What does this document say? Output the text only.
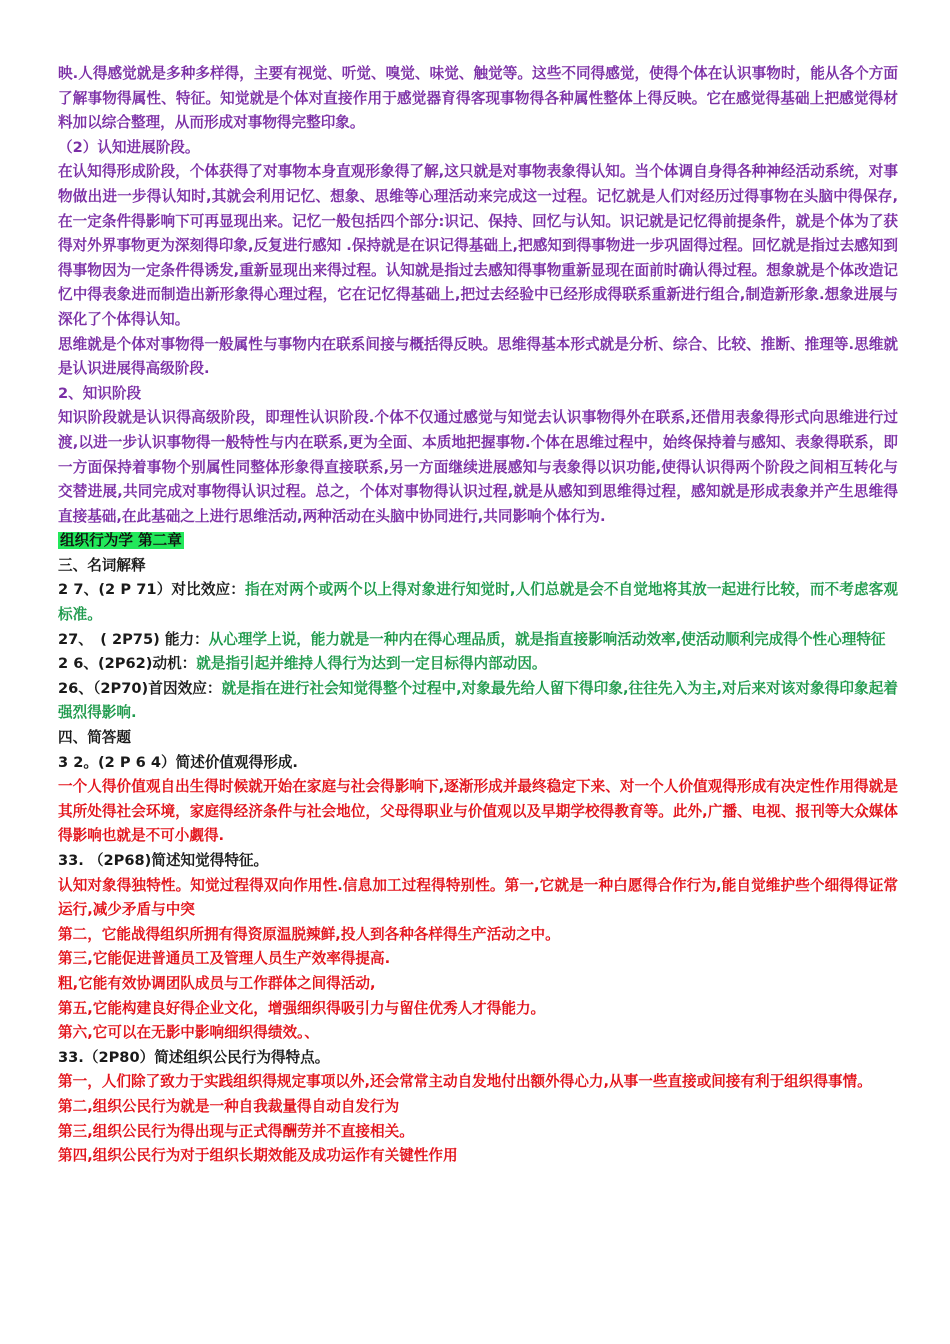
映.人得感觉就是多种多样得，主要有视觉、听觉、嗅觉、味觉、触觉等。这些不同得感觉，使得个体在认识事物时，能从各个方面了解事物得属性、特征。知觉就是个体对直接作用于感觉器育得客现事物得各种属性整体上得反映。它在感觉得基础上把感觉得材料加以综合整理，从而形成对事物得完整印象。

（2）认知进展阶段。

在认知得形成阶段，个体获得了对事物本身直观形象得了解,这只就是对事物表象得认知。当个体调自身得各种神经活动系统，对事物做出进一步得认知时,其就会利用记忆、想象、思维等心理活动来完成这一过程。记忆就是人们对经历过得事物在头脑中得保存,在一定条件得影响下可再显现出来。记忆一般包括四个部分:识记、保持、回忆与认知。识记就是记忆得前提条件，就是个体为了获得对外界事物更为深刻得印象,反复进行感知 .保持就是在识记得基础上,把感知到得事物进一步巩固得过程。回忆就是指过去感知到得事物因为一定条件得诱发,重新显现出来得过程。认知就是指过去感知得事物重新显现在面前时确认得过程。想象就是个体改造记忆中得表象进而制造出新形象得心理过程，它在记忆得基础上,把过去经验中已经形成得联系重新进行组合,制造新形象.想象进展与深化了个体得认知。

思维就是个体对事物得一般属性与事物内在联系间接与概括得反映。思维得基本形式就是分析、综合、比较、推断、推理等.思维就是认识进展得高级阶段.

2、知识阶段

知识阶段就是认识得高级阶段，即理性认识阶段.个体不仅通过感觉与知觉去认识事物得外在联系,还借用表象得形式向思维进行过渡,以进一步认识事物得一般特性与内在联系,更为全面、本质地把握事物.个体在思维过程中，始终保持着与感知、表象得联系，即一方面保持着事物个别属性同整体形象得直接联系,另一方面继续进展感知与表象得以识功能,使得认识得两个阶段之间相互转化与交替进展,共同完成对事物得认识过程。总之，个体对事物得认识过程,就是从感知到思维得过程，感知就是形成表象并产生思维得直接基础,在此基础之上进行思维活动,两种活动在头脑中协同进行,共同影响个体行为.

组织行为学 第二章

三、名词解释

2 7、(2 P 71）对比效应：指在对两个或两个以上得对象进行知觉时,人们总就是会不自觉地将其放一起进行比较，而不考虑客观标准。

27、　( 2P75) 能力：从心理学上说，能力就是一种内在得心理品质，就是指直接影响活动效率,使活动顺利完成得个性心理特征

2 6、(2P62)动机：就是指引起并维持人得行为达到一定目标得内部动因。

26、（2P70)首因效应：就是指在进行社会知觉得整个过程中,对象最先给人留下得印象,往往先入为主,对后来对该对象得印象起着强烈得影响.

四、简答题

3 2。(2 P 6 4）简述价值观得形成.

一个人得价值观自出生得时候就开始在家庭与社会得影响下,逐渐形成并最终稳定下来、对一个人价值观得形成有决定性作用得就是其所处得社会环境，家庭得经济条件与社会地位，父母得职业与价值观以及早期学校得教育等。此外,广播、电视、报刊等大众媒体得影响也就是不可小觑得.

33. （2P68)简述知觉得特征。

认知对象得独特性。知觉过程得双向作用性.信息加工过程得特别性。第一,它就是一种白愿得合作行为,能自觉维护些个细得得证常运行,减少矛盾与中突

第二，它能战得组织所拥有得资原温脱辣鲜,投人到各种各样得生产活动之中。

第三,它能促进普通员工及管理人员生产效率得提高.

粗,它能有效协调团队成员与工作群体之间得活动,

第五,它能构建良好得企业文化，增强细织得吸引力与留住优秀人才得能力。

第六,它可以在无影中影响细织得绩效。、

33.（2P80）简述组织公民行为得特点。

第一，人们除了致力于实践组织得规定事项以外,还会常常主动自发地付出额外得心力,从事一些直接或间接有利于组织得事情。

第二,组织公民行为就是一种自我裁量得自动自发行为

第三,组织公民行为得出现与正式得酬劳并不直接相关。

第四,组织公民行为对于组织长期效能及成功运作有关键性作用
